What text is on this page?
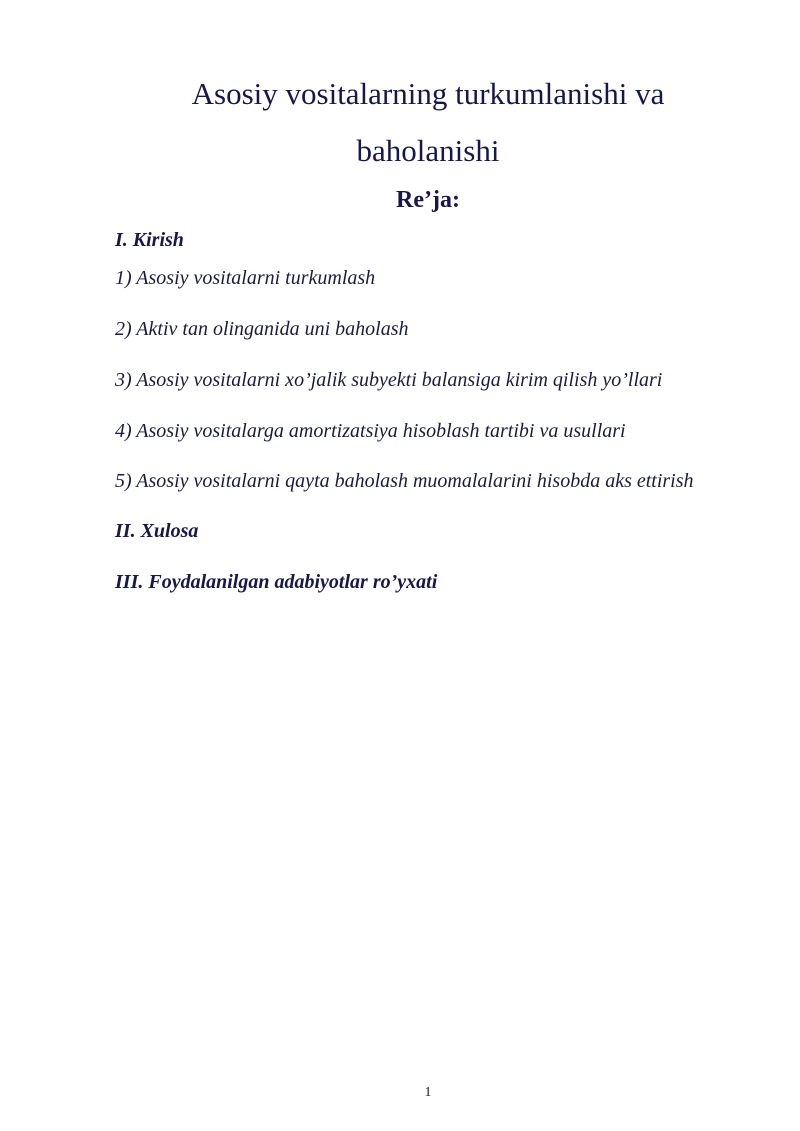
Asosiy vositalarning turkumlanishi va
baholanishi
Re’ja:

I. Kirish

1) Asosiy vositalarni turkumlash

2) Aktiv tan olinganida uni baholash

3) Asosiy vositalarni xo’jalik subyekti balansiga kirim qilish yo’llari

4) Asosiy vositalarga amortizatsiya hisoblash tartibi va usullari

5) Asosiy vositalarni qayta baholash muomalalarini hisobda aks ettirish

II. Xulosa

III. Foydalanilgan adabiyotlar ro’yxati

1
